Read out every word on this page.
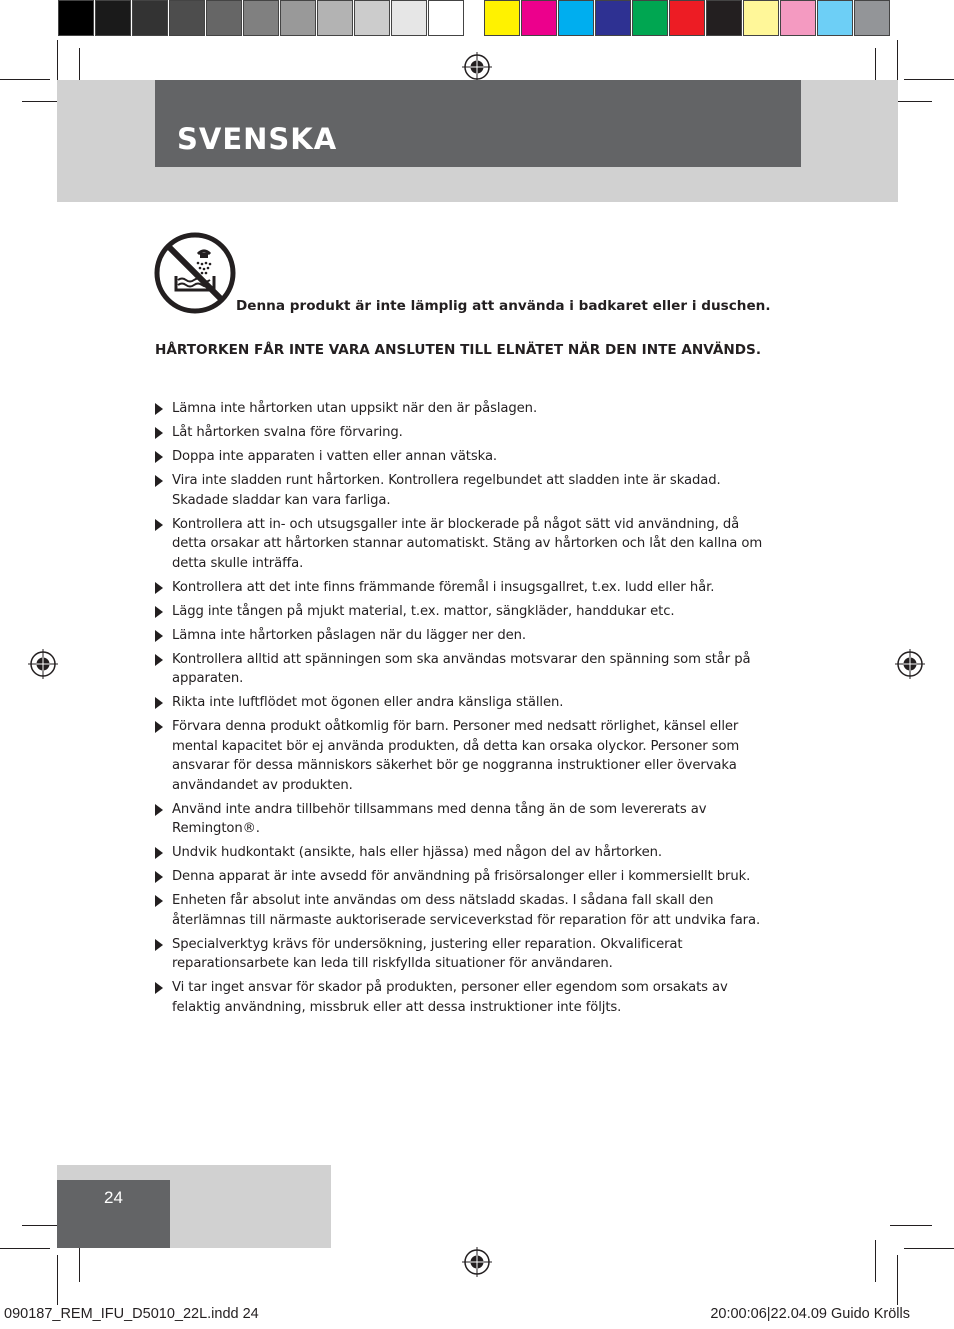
SVENSKA
Denna produkt är inte lämplig att använda i badkaret eller i duschen.
HÅRTORKEN FÅR INTE VARA ANSLUTEN TILL ELNÄTET NÄR DEN INTE ANVÄNDS.
Lämna inte hårtorken utan uppsikt när den är påslagen.
Låt hårtorken svalna före förvaring.
Doppa inte apparaten i vatten eller annan vätska.
Vira inte sladden runt hårtorken. Kontrollera regelbundet att sladden inte är skadad. Skadade sladdar kan vara farliga.
Kontrollera att in- och utsugsgaller inte är blockerade på något sätt vid användning, då detta orsakar att hårtorken stannar automatiskt. Stäng av hårtorken och låt den kallna om detta skulle inträffa.
Kontrollera att det inte finns främmande föremål i insugsgallret, t.ex. ludd eller hår.
Lägg inte tången på mjukt material, t.ex. mattor, sängkläder, handdukar etc.
Lämna inte hårtorken påslagen när du lägger ner den.
Kontrollera alltid att spänningen som ska användas motsvarar den spänning som står på apparaten.
Rikta inte luftflödet mot ögonen eller andra känsliga ställen.
Förvara denna produkt oåtkomlig för barn. Personer med nedsatt rörlighet, känsel eller mental kapacitet bör ej använda produkten, då detta kan orsaka olyckor. Personer som ansvarar för dessa människors säkerhet bör ge noggranna instruktioner eller övervaka användandet av produkten.
Använd inte andra tillbehör tillsammans med denna tång än de som levererats av Remington®.
Undvik hudkontakt (ansikte, hals eller hjässa) med någon del av hårtorken.
Denna apparat är inte avsedd för användning på frisörsalonger eller i kommersiellt bruk.
Enheten får absolut inte användas om dess nätsladd skadas. I sådana fall skall den återlämnas till närmaste auktoriserade serviceverkstad för reparation för att undvika fara.
Specialverktyg krävs för undersökning, justering eller reparation. Okvalificerat reparationsarbete kan leda till riskfyllda situationer för användaren.
Vi tar inget ansvar för skador på produkten, personer eller egendom som orsakats av felaktig användning, missbruk eller att dessa instruktioner inte följts.
24
090187_REM_IFU_D5010_22L.indd 24	20:00:06|22.04.09 Guido Krölls
